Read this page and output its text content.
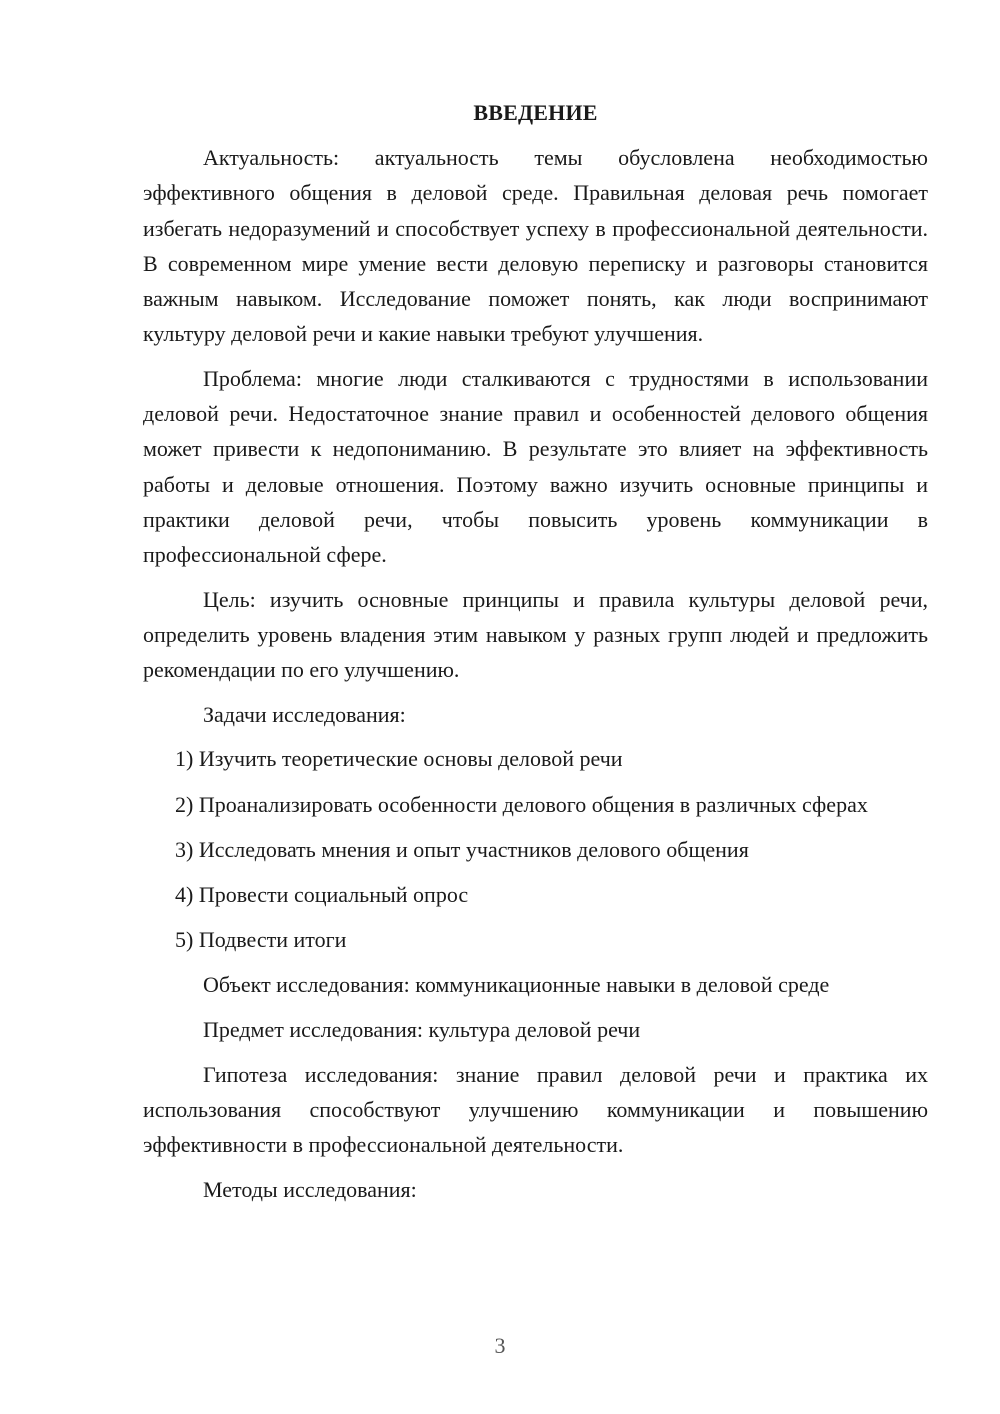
ВВЕДЕНИЕ

Актуальность: актуальность темы обусловлена необходимостью эффективного общения в деловой среде. Правильная деловая речь помогает избегать недоразумений и способствует успеху в профессиональной деятельности. В современном мире умение вести деловую переписку и разговоры становится важным навыком. Исследование поможет понять, как люди воспринимают культуру деловой речи и какие навыки требуют улучшения.

Проблема: многие люди сталкиваются с трудностями в использовании деловой речи. Недостаточное знание правил и особенностей делового общения может привести к недопониманию. В результате это влияет на эффективность работы и деловые отношения. Поэтому важно изучить основные принципы и практики деловой речи, чтобы повысить уровень коммуникации в профессиональной сфере.

Цель: изучить основные принципы и правила культуры деловой речи, определить уровень владения этим навыком у разных групп людей и предложить рекомендации по его улучшению.

Задачи исследования:

1) Изучить теоретические основы деловой речи

2) Проанализировать особенности делового общения в различных сферах

3) Исследовать мнения и опыт участников делового общения

4) Провести социальный опрос

5) Подвести итоги

Объект исследования: коммуникационные навыки в деловой среде

Предмет исследования: культура деловой речи

Гипотеза исследования: знание правил деловой речи и практика их использования способствуют улучшению коммуникации и повышению эффективности в профессиональной деятельности.

Методы исследования:

3
